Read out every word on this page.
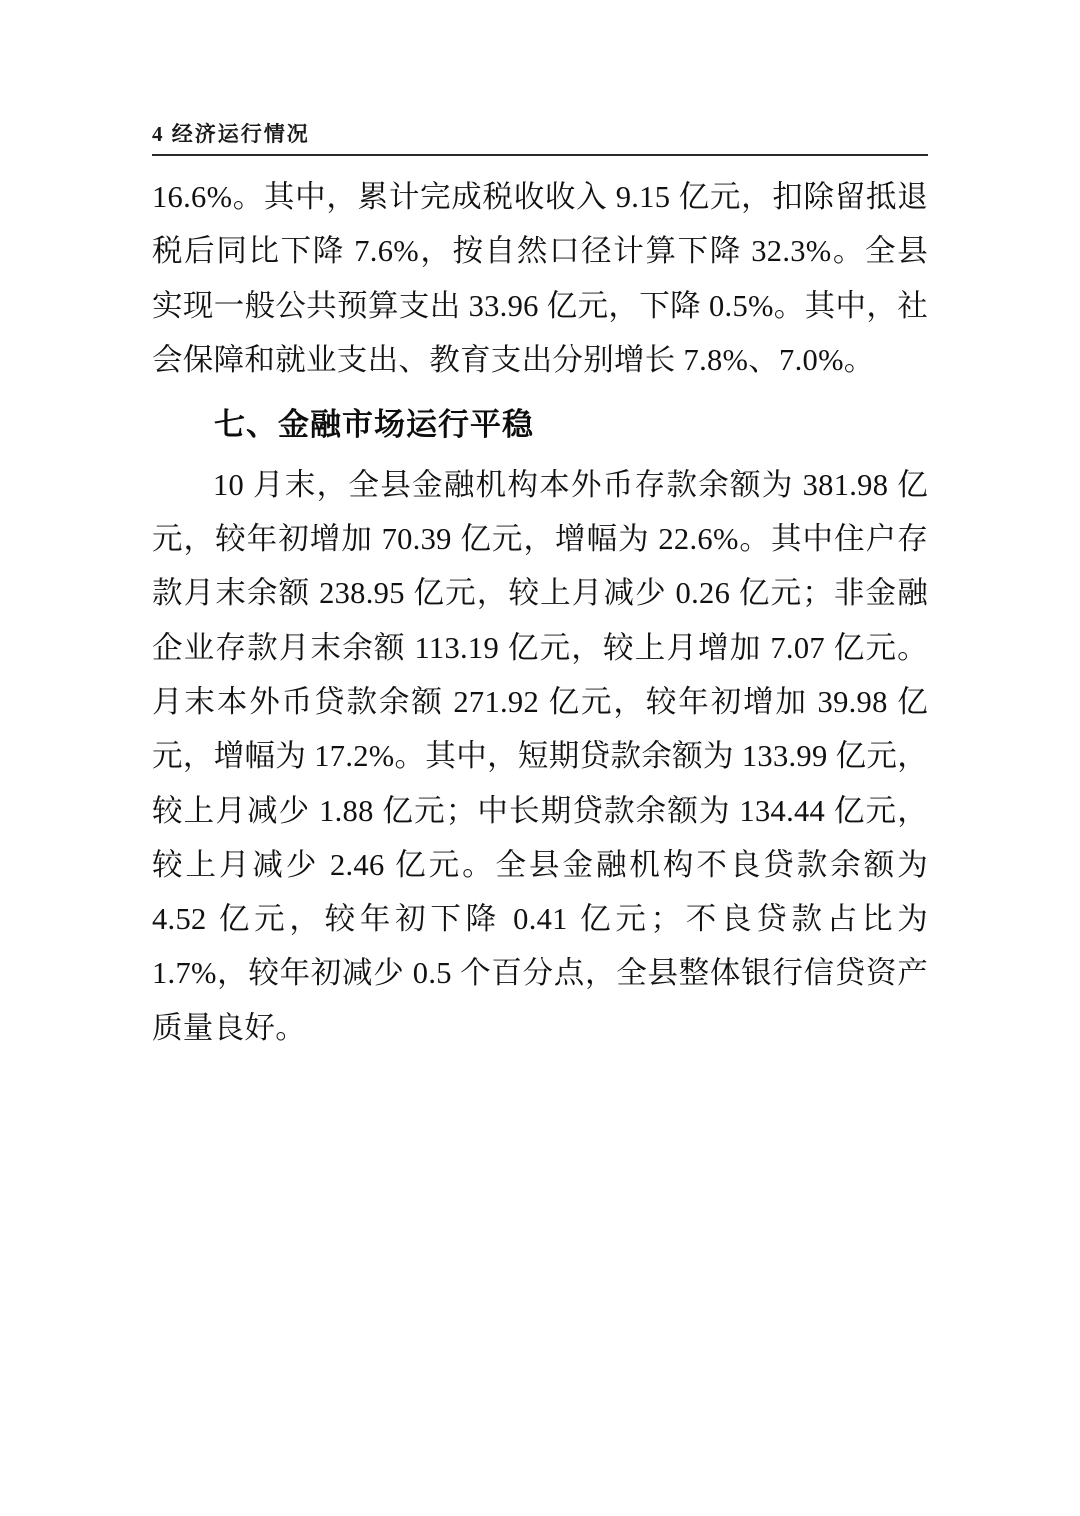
4 经济运行情况

16.6%。其中，累计完成税收收入 9.15 亿元，扣除留抵退税后同比下降 7.6%，按自然口径计算下降 32.3%。全县实现一般公共预算支出 33.96 亿元，下降 0.5%。其中，社会保障和就业支出、教育支出分别增长 7.8%、7.0%。

七、金融市场运行平稳

10 月末，全县金融机构本外币存款余额为 381.98 亿元，较年初增加 70.39 亿元，增幅为 22.6%。其中住户存款月末余额 238.95 亿元，较上月减少 0.26 亿元；非金融企业存款月末余额 113.19 亿元，较上月增加 7.07 亿元。月末本外币贷款余额 271.92 亿元，较年初增加 39.98 亿元，增幅为 17.2%。其中，短期贷款余额为 133.99 亿元，较上月减少 1.88 亿元；中长期贷款余额为 134.44 亿元，较上月减少 2.46 亿元。全县金融机构不良贷款余额为 4.52 亿元，较年初下降 0.41 亿元；不良贷款占比为 1.7%，较年初减少 0.5 个百分点，全县整体银行信贷资产质量良好。
